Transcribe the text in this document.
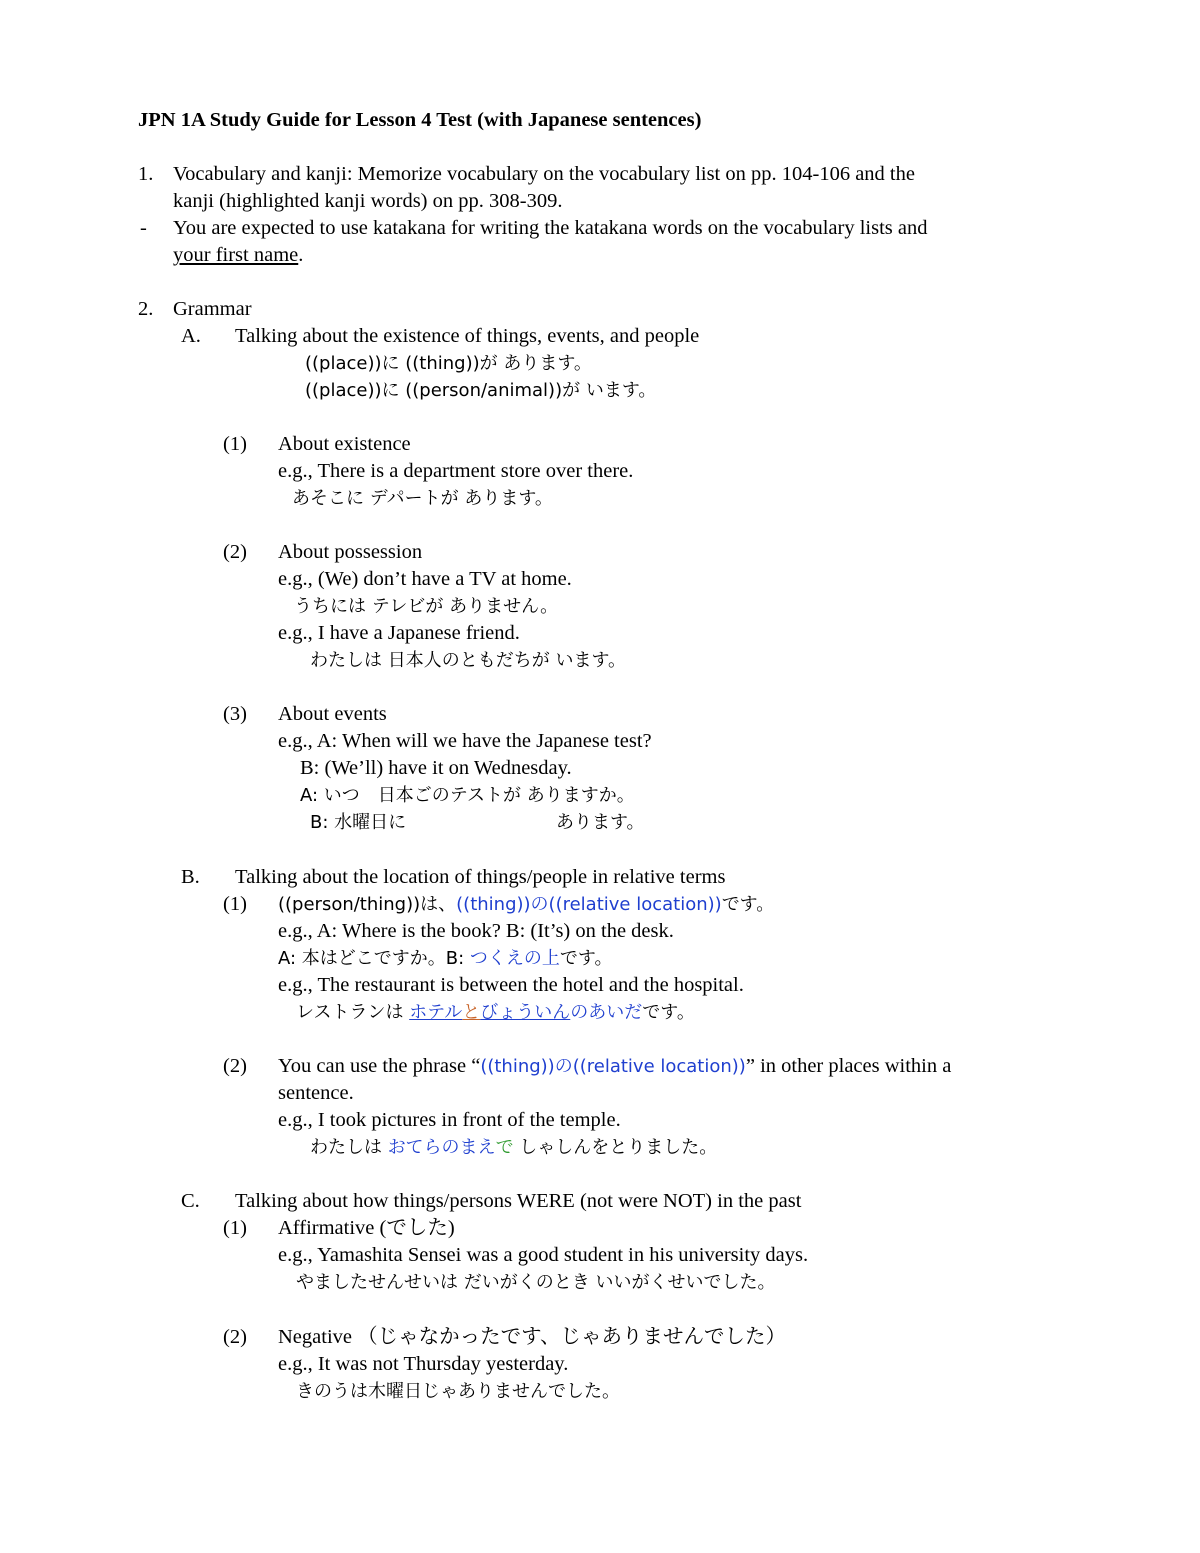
JPN 1A Study Guide for Lesson 4 Test (with Japanese sentences)
1. Vocabulary and kanji: Memorize vocabulary on the vocabulary list on pp. 104-106 and the
kanji (highlighted kanji words) on pp. 308-309.
- You are expected to use katakana for writing the katakana words on the vocabulary lists and
your first name.
2. Grammar
A. Talking about the existence of things, events, and people
((place))に ((thing))が あります。
((place))に ((person/animal))が います。
(1) About existence
e.g., There is a department store over there.
あそこに デパートが あります。
(2) About possession
e.g., (We) don’t have a TV at home.
うちには テレビが ありません。
e.g., I have a Japanese friend.
わたしは 日本人のともだちが います。
(3) About events
e.g., A: When will we have the Japanese test?
B: (We’ll) have it on Wednesday.
A: いつ　日本ごのテストが ありますか。
B: 水曜日に	あります。
B. Talking about the location of things/people in relative terms
(1) ((person/thing))は、((thing))の((relative location))です。
e.g., A: Where is the book? B: (It’s) on the desk.
A: 本はどこですか。B: つくえの上です。
e.g., The restaurant is between the hotel and the hospital.
レストランは ホテルとびょういんのあいだです。
(2) You can use the phrase “((thing))の((relative location))” in other places within a
sentence.
e.g., I took pictures in front of the temple.
わたしは おてらのまえで しゃしんをとりました。
C. Talking about how things/persons WERE (not were NOT) in the past
(1) Affirmative (でした)
e.g., Yamashita Sensei was a good student in his university days.
やましたせんせいは だいがくのとき いいがくせいでした。
(2) Negative （じゃなかったです、じゃありませんでした）
e.g., It was not Thursday yesterday.
きのうは木曜日じゃありませんでした。
